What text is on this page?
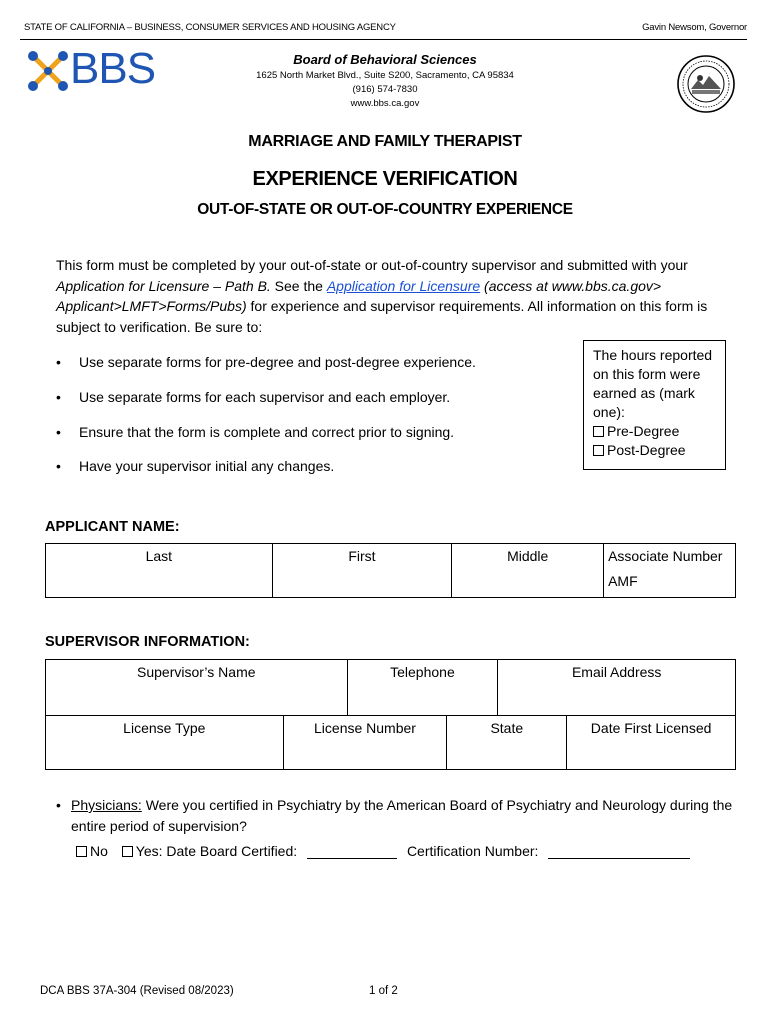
STATE OF CALIFORNIA – BUSINESS, CONSUMER SERVICES AND HOUSING AGENCY	Gavin Newsom, Governor
BBS	Board of Behavioral Sciences
1625 North Market Blvd., Suite S200, Sacramento, CA 95834
(916) 574-7830
www.bbs.ca.gov
MARRIAGE AND FAMILY THERAPIST
EXPERIENCE VERIFICATION
OUT-OF-STATE OR OUT-OF-COUNTRY EXPERIENCE
This form must be completed by your out-of-state or out-of-country supervisor and submitted with your Application for Licensure – Path B. See the Application for Licensure (access at www.bbs.ca.gov> Applicant>LMFT>Forms/Pubs) for experience and supervisor requirements. All information on this form is subject to verification. Be sure to:
• Use separate forms for pre-degree and post-degree experience.
• Use separate forms for each supervisor and each employer.
• Ensure that the form is complete and correct prior to signing.
• Have your supervisor initial any changes.
The hours reported on this form were earned as (mark one):
Pre-Degree
Post-Degree
APPLICANT NAME:
Last	First	Middle	Associate Number
AMF
SUPERVISOR INFORMATION:
Supervisor’s Name	Telephone	Email Address
License Type	License Number	State	Date First Licensed
• Physicians: Were you certified in Psychiatry by the American Board of Psychiatry and Neurology during the entire period of supervision?
No Yes: Date Board Certified:	Certification Number:
DCA BBS 37A-304 (Revised 08/2023)	1 of 2
